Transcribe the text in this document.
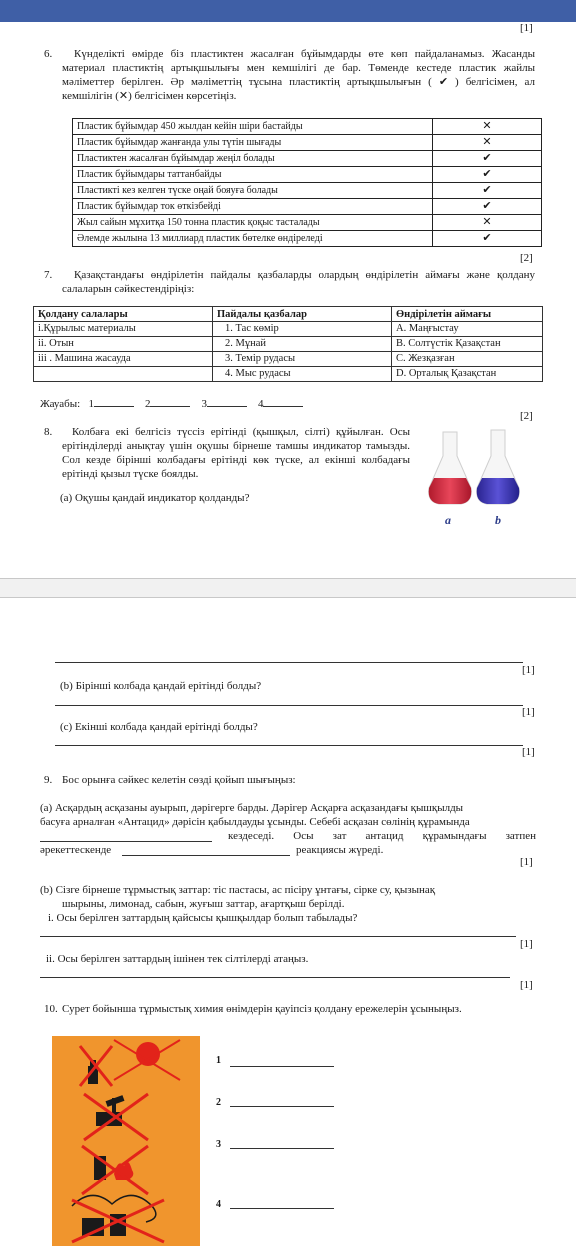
[1]
6.	Күнделікті өмірде біз пластиктен жасалған бұйымдарды өте көп пайдаланамыз. Жасанды материал пластиктің артықшылығы мен кемшілігі де бар. Төменде кестеде пластик жайлы мәліметтер берілген. Әр мәліметтің тұсына пластиктің артықшылығын ( ✔ ) белгісімен, ал кемшілігін (✕) белгісімен көрсетіңіз.
Пластик бұйымдар 450 жылдан кейін шіри бастайды	✕
Пластик бұйымдар жанғанда улы түтін шығады	✕
Пластиктен жасалған бұйымдар жеңіл болады	✔
Пластик бұйымдары таттанбайды	✔
Пластикті кез келген түске оңай бояуға болады	✔
Пластик бұйымдар ток өткізбейді	✔
Жыл сайын мұхитқа 150 тонна пластик қоқыс тасталады	✕
Әлемде жылына 13 миллиард пластик бөтелке өндіреледі	✔
[2]
7.	Қазақстандағы өндірілетін пайдалы қазбаларды олардың өндірілетін аймағы және қолдану салаларын сәйкестендіріңіз:
Қолдану салалары	Пайдалы қазбалар	Өндірілетін аймағы
i.Құрылыс материалы	1. Тас көмір	A. Маңғыстау
ii. Отын	2. Мұнай	B. Солтүстік Қазақстан
iii . Машина жасауда	3. Темір рудасы	C. Жезқазған
	4. Мыс рудасы	D. Орталық Қазақстан
Жауабы: 1	2	3	4
[2]
8.	Колбаға екі белгісіз түссіз ерітінді (қышқыл, сілті) құйылған. Осы ерітінділерді анықтау үшін оқушы бірнеше тамшы индикатор тамызды. Сол кезде бірінші колбадағы ерітінді көк түске, ал екінші колбадағы ерітінді қызыл түске боялды.
(a) Оқушы қандай индикатор қолданды?
a	b
[1]
(b) Бірінші колбада қандай ерітінді болды?
[1]
(c) Екінші колбада қандай ерітінді болды?
[1]
9. Бос орынға сәйкес келетін сөзді қойып шығыңыз:
(a) Асқардың асқазаны ауырып, дәрігерге барды. Дәрігер Асқарға асқазандағы қышқылды
басуға арналған «Антацид» дәрісін қабылдауды ұсынды. Себебі асқазан сөлінің құрамында
кездеседі. Осы зат антацид құрамындағы затпен
әрекеттескенде	реакциясы жүреді.
[1]
(b) Сізге бірнеше тұрмыстық заттар: тіс пастасы, ас пісіру ұнтағы, сірке су, қызынақ
шырыны, лимонад, сабын, жуғыш заттар, ағартқыш берілді.
i. Осы берілген заттардың қайсысы қышқылдар болып табылады?
[1]
ii. Осы берілген заттардың ішінен тек сілтілерді атаңыз.
[1]
10. Сурет бойынша тұрмыстық химия өнімдерін қауіпсіз қолдану ережелерін ұсыныңыз.
1
2
3
4
